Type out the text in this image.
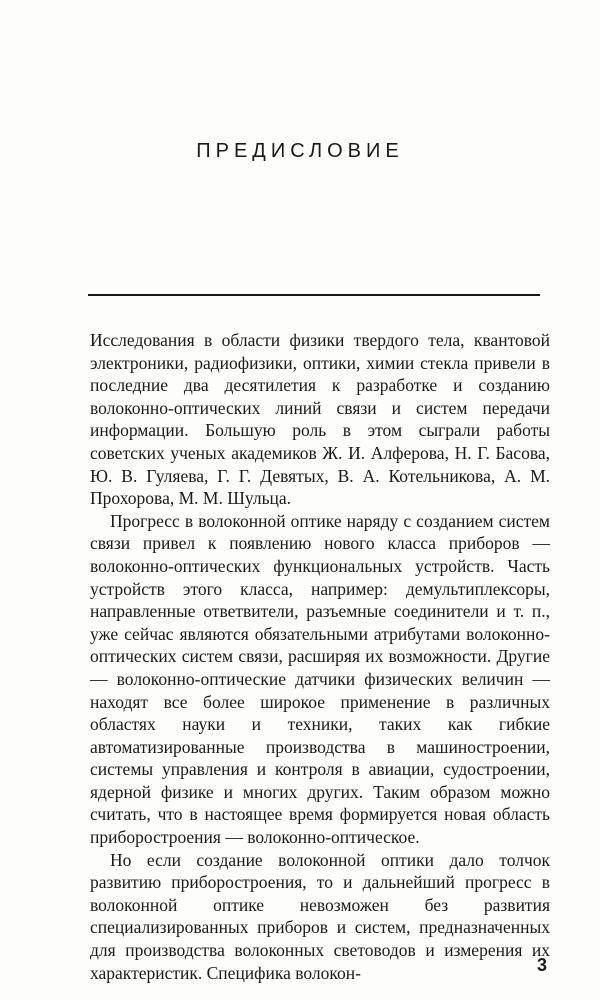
ПРЕДИСЛОВИЕ

Исследования в области физики твердого тела, квантовой электроники, радиофизики, оптики, химии стекла привели в последние два десятилетия к разработке и созданию волоконно-оптических линий связи и систем передачи информации. Большую роль в этом сыграли работы советских ученых академиков Ж. И. Алферова, Н. Г. Басова, Ю. В. Гуляева, Г. Г. Девятых, В. А. Котельникова, А. М. Прохорова, М. М. Шульца.

Прогресс в волоконной оптике наряду с созданием систем связи привел к появлению нового класса приборов — волоконно-оптических функциональных устройств. Часть устройств этого класса, например: демультиплексоры, направленные ответвители, разъемные соединители и т. п., уже сейчас являются обязательными атрибутами волоконно-оптических систем связи, расширяя их возможности. Другие — волоконно-оптические датчики физических величин — находят все более широкое применение в различных областях науки и техники, таких как гибкие автоматизированные производства в машиностроении, системы управления и контроля в авиации, судостроении, ядерной физике и многих других. Таким образом можно считать, что в настоящее время формируется новая область приборостроения — волоконно-оптическое.

Но если создание волоконной оптики дало толчок развитию приборостроения, то и дальнейший прогресс в волоконной оптике невозможен без развития специализированных приборов и систем, предназначенных для производства волоконных световодов и измерения их характеристик. Специфика волокон-	3
